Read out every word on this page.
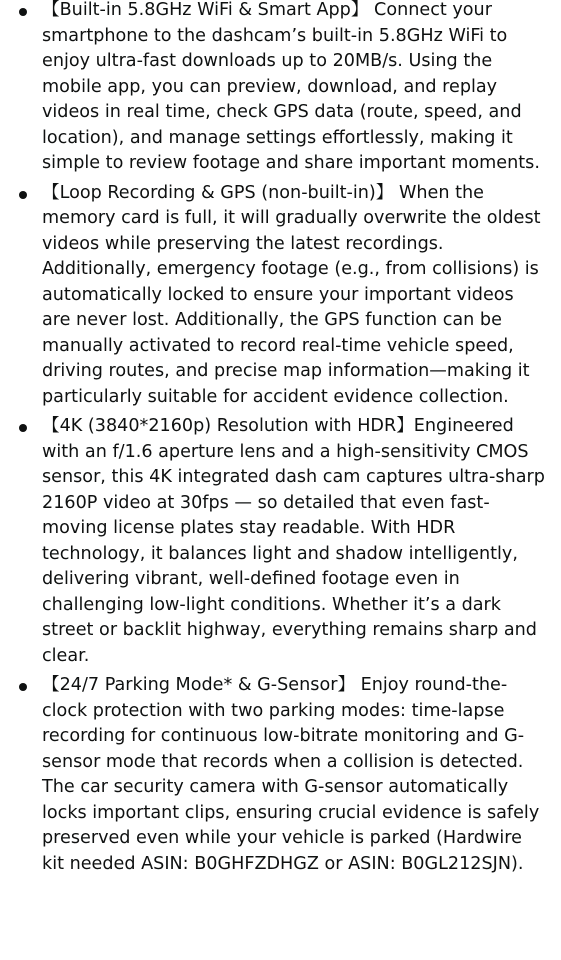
【Built-in 5.8GHz WiFi & Smart App】 Connect your smartphone to the dashcam’s built-in 5.8GHz WiFi to enjoy ultra-fast downloads up to 20MB/s. Using the mobile app, you can preview, download, and replay videos in real time, check GPS data (route, speed, and location), and manage settings effortlessly, making it simple to review footage and share important moments.
【Loop Recording & GPS (non-built-in)】 When the memory card is full, it will gradually overwrite the oldest videos while preserving the latest recordings. Additionally, emergency footage (e.g., from collisions) is automatically locked to ensure your important videos are never lost. Additionally, the GPS function can be manually activated to record real-time vehicle speed, driving routes, and precise map information—making it particularly suitable for accident evidence collection.
【4K (3840*2160p) Resolution with HDR】Engineered with an f/1.6 aperture lens and a high-sensitivity CMOS sensor, this 4K integrated dash cam captures ultra-sharp 2160P video at 30fps — so detailed that even fast-moving license plates stay readable. With HDR technology, it balances light and shadow intelligently, delivering vibrant, well-defined footage even in challenging low-light conditions. Whether it’s a dark street or backlit highway, everything remains sharp and clear.
【24/7 Parking Mode* & G-Sensor】 Enjoy round-the-clock protection with two parking modes: time-lapse recording for continuous low-bitrate monitoring and G-sensor mode that records when a collision is detected. The car security camera with G-sensor automatically locks important clips, ensuring crucial evidence is safely preserved even while your vehicle is parked (Hardwire kit needed ASIN: B0GHFZDHGZ or ASIN: B0GL212SJN).
